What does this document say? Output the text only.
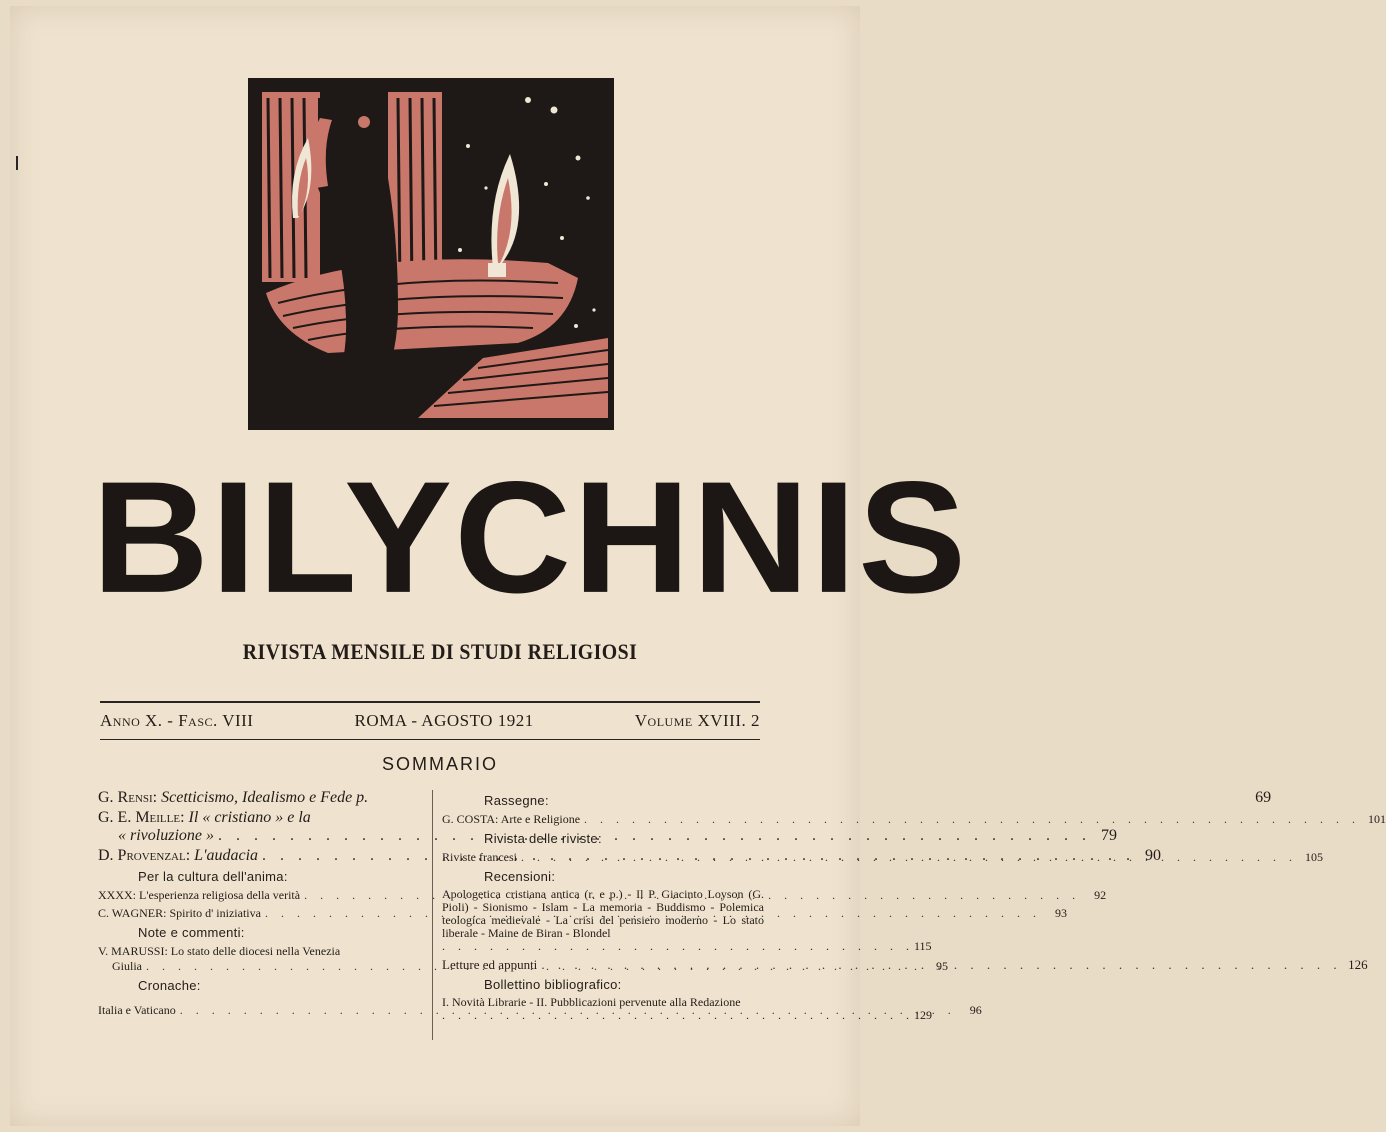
BILYCHNIS
RIVISTA MENSILE DI STUDI RELIGIOSI
Anno X. - Fasc. VIII	ROMA - AGOSTO 1921	Volume XVIII. 2
SOMMARIO
G. Rensi: Scetticismo, Idealismo e Fede p.	69
G. E. Meille: Il « cristiano » e la
« rivoluzione » . . .	79
D. Provenzal: L'audacia . . .	90
Per la cultura dell'anima:
XXXX: L'esperienza religiosa della verità . . .	92
C. WAGNER: Spirito d' iniziativa . . .	93
Note e commenti:
V. MARUSSI: Lo stato delle diocesi nella Venezia
Giulia . . .	95
Cronache:
Italia e Vaticano . . .	96
Rassegne:
G. COSTA: Arte e Religione . . .	101
Rivista delle riviste:
Riviste francesi . . .	105
Recensioni:
Apologetica cristiana antica (r. e p.) - Il P. Giacinto Loyson (G. Pioli) - Sionismo - Islam - La memoria - Buddismo - Polemica teologica medievale - La crisi del pensiero moderno - Lo stato liberale - Maine de Biran - Blondel
. . . . . . . . . . . . . . . . . . . . . . . . . . . . . . 115
Letture ed appunti . . .	126
Bollettino bibliografico:
I. Novità Librarie - II. Pubblicazioni pervenute alla Redazione
. . . . . . . . . . . . . . . . . . . . . . . . . . . . . . 129
